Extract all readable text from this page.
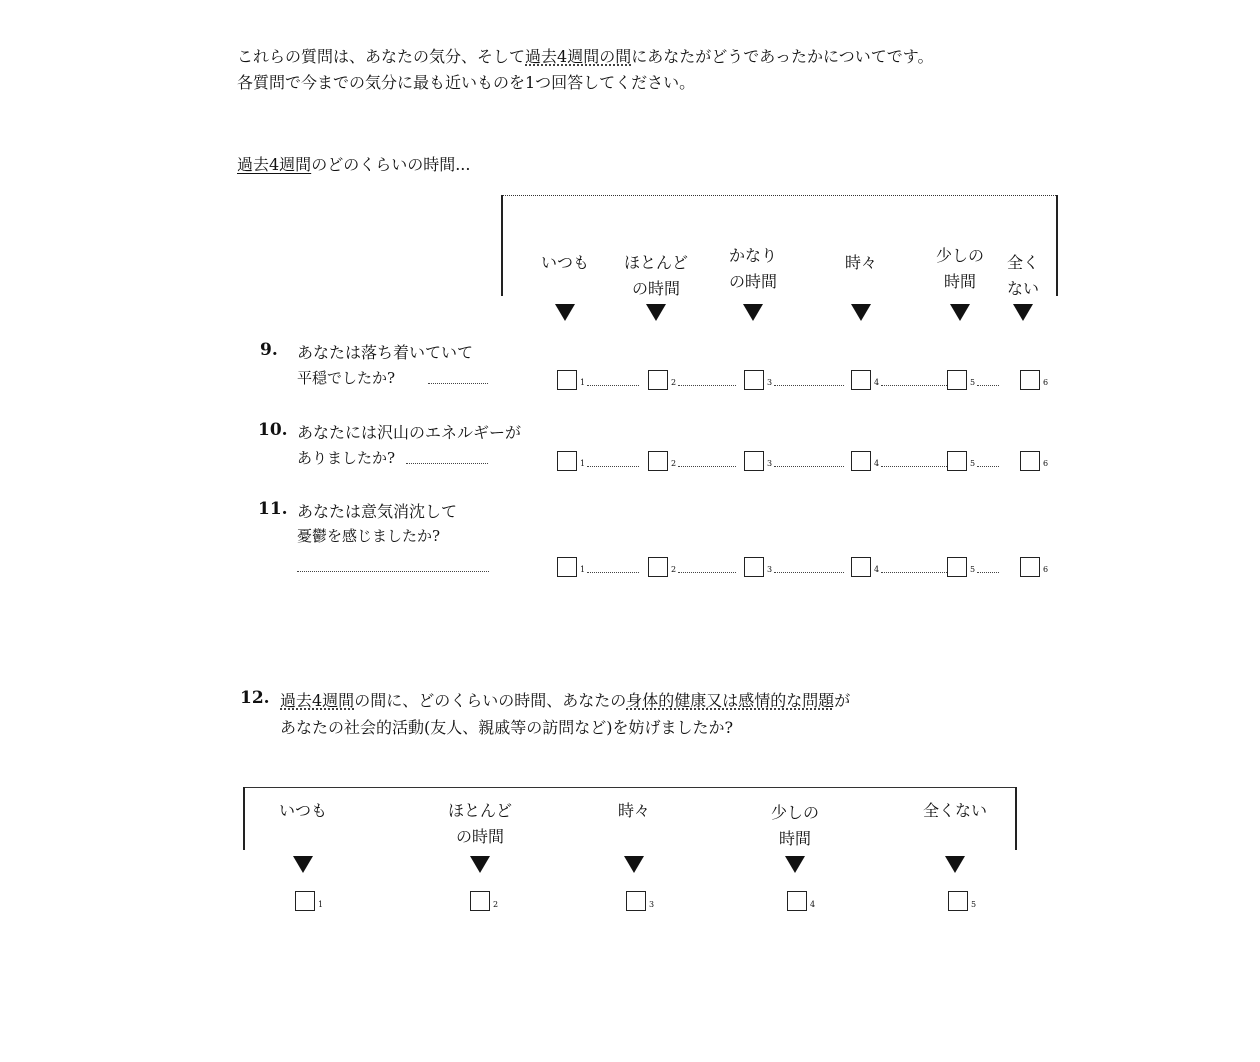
これらの質問は、あなたの気分、そして過去4週間の間にあなたがどうであったかについてです。
各質問で今までの気分に最も近いものを1つ回答してください。
過去4週間のどのくらいの時間...
12. 過去4週間の間に、どのくらいの時間、あなたの身体的健康又は感情的な問題が
あなたの社会的活動(友人、親戚等の訪問など)を妨げましたか?
いつも ほとんど
の時間
かなり
の時間
時々	少しの
時間
全く
ない
9. あなたは落ち着いていて
平穏でしたか?	1	2	3	4	5	6
10. あなたには沢山のエネルギーが
ありましたか?	1	2	3	4	5	6
11. あなたは意気消沈して
憂鬱を感じましたか?
1	2	3	4	5	6
いつも	ほとんど
の時間
時々	少しの
時間
全くない
1	2	3	4	5
